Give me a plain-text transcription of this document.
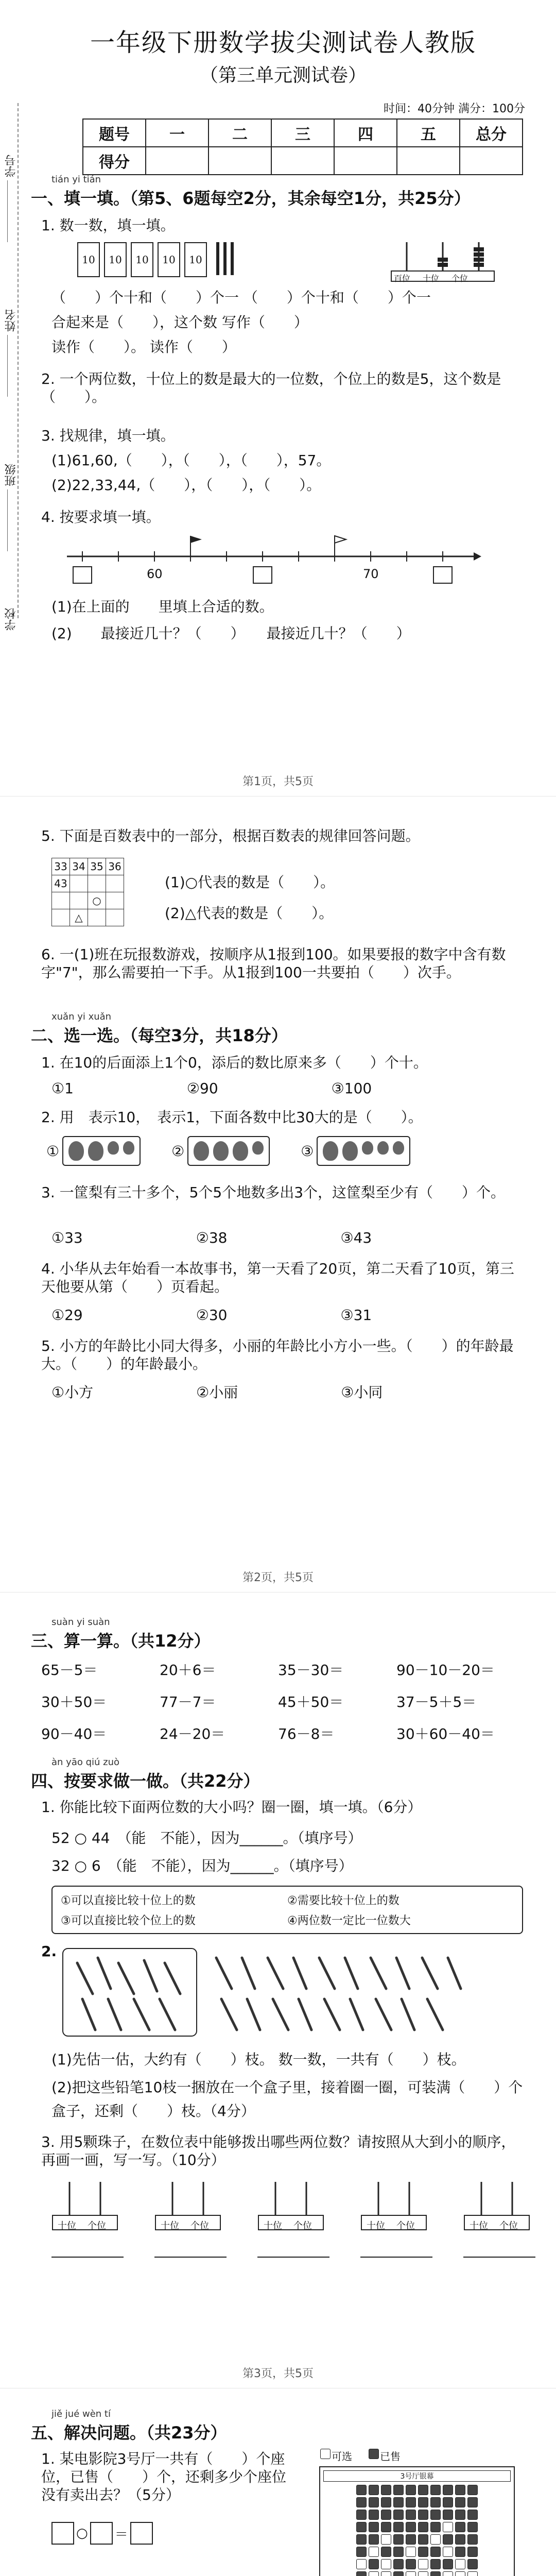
学号
姓名
班级
学校
一年级下册数学拔尖测试卷人教版
（第三单元测试卷）
时间：40分钟 满分：100分
题号	一	二	三	四	五	总分
得分						
tián yi tián
一、填一填。（第5、6题每空2分，其余每空1分，共25分）
1. 数一数，填一填。
10	10	10	10	10
百位 十位 个位
（　　）个十和（　　）个一 （　　）个十和（　　）个一
合起来是（　　），这个数 写作（　　）
读作（　　）。 读作（　　）
2. 一个两位数，十位上的数是最大的一位数，个位上的数是5，这个数是（　　）。
3. 找规律，填一填。
(1)61,60,（　　），（　　），（　　），57。
(2)22,33,44,（　　），（　　），（　　）。
4. 按要求填一填。
60	70
(1)在上面的　　里填上合适的数。
(2)　　最接近几十？（　　）　　最接近几十？（　　）
第1页，共5页
5. 下面是百数表中的一部分，根据百数表的规律回答问题。
33	34	35	36
43			
		○	
	△		
(1)○代表的数是（　　）。
(2)△代表的数是（　　）。
6. 一(1)班在玩报数游戏，按顺序从1报到100。如果要报的数字中含有数字"7"，那么需要拍一下手。从1报到100一共要拍（　　）次手。
xuǎn yi xuǎn
二、选一选。（每空3分，共18分）
1. 在10的后面添上1个0，添后的数比原来多（　　）个十。
①1	②90	③100
2. 用　表示10，　表示1，下面各数中比30大的是（　　）。
①	②	③
3. 一筐梨有三十多个，5个5个地数多出3个，这筐梨至少有（　　）个。
①33	②38	③43
4. 小华从去年始看一本故事书，第一天看了20页，第二天看了10页，第三天他要从第（　　）页看起。
①29	②30	③31
5. 小方的年龄比小同大得多，小丽的年龄比小方小一些。（　　）的年龄最大。（　　）的年龄最小。
①小方	②小丽	③小同
第2页，共5页
suàn yi suàn
三、算一算。（共12分）
65－5＝	20＋6＝	35－30＝	90－10－20＝
30＋50＝	77－7＝	45＋50＝	37－5＋5＝
90－40＝	24－20＝	76－8＝	30＋60－40＝
àn yāo qiú zuò
四、按要求做一做。（共22分）
1. 你能比较下面两位数的大小吗？圈一圈，填一填。（6分）
52 ○ 44　（能　不能），因为______。（填序号）
32 ○ 6　（能　不能），因为______。（填序号）
①可以直接比较十位上的数	②需要比较十位上的数
③可以直接比较个位上的数	④两位数一定比一位数大
2.
(1)先估一估，大约有（　　）枝。 数一数，一共有（　　）枝。
(2)把这些铅笔10枝一捆放在一个盒子里，接着圈一圈，可装满（　　）个
盒子，还剩（　　）枝。（4分）
3. 用5颗珠子，在数位表中能够拨出哪些两位数？请按照从大到小的顺序，再画一画，写一写。（10分）
十位 个位	十位 个位	十位 个位	十位 个位	十位 个位
第3页，共5页
jiě jué wèn tí
五、解决问题。（共23分）
1. 某电影院3号厅一共有（　　）个座位，已售（　　）个，还剩多少个座位没有卖出去？（5分）
○ ＝
可选	已售
3号厅银幕
